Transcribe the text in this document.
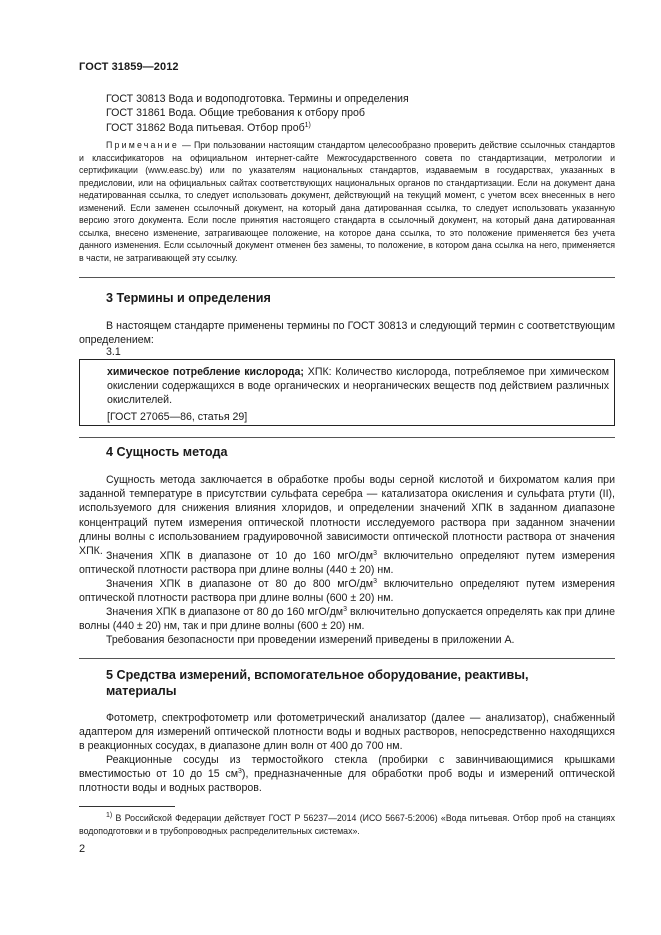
ГОСТ 31859—2012
ГОСТ 30813 Вода и водоподготовка. Термины и определения
ГОСТ 31861 Вода. Общие требования к отбору проб
ГОСТ 31862 Вода питьевая. Отбор проб$^{1)}$
Примечание — При пользовании настоящим стандартом целесообразно проверить действие ссылочных стандартов и классификаторов на официальном интернет-сайте Межгосударственного совета по стандартизации, метрологии и сертификации (www.easc.by) или по указателям национальных стандартов, издаваемым в государствах, указанных в предисловии, или на официальных сайтах соответствующих национальных органов по стандартизации. Если на документ дана недатированная ссылка, то следует использовать документ, действующий на текущий момент, с учетом всех внесенных в него изменений. Если заменен ссылочный документ, на который дана датированная ссылка, то следует использовать указанную версию этого документа. Если после принятия настоящего стандарта в ссылочный документ, на который дана датированная ссылка, внесено изменение, затрагивающее положение, на которое дана ссылка, то это положение применяется без учета данного изменения. Если ссылочный документ отменен без замены, то положение, в котором дана ссылка на него, применяется в части, не затрагивающей эту ссылку.
3 Термины и определения
В настоящем стандарте применены термины по ГОСТ 30813 и следующий термин с соответствующим определением:
3.1
химическое потребление кислорода; ХПК: Количество кислорода, потребляемое при химическом окислении содержащихся в воде органических и неорганических веществ под действием различных окислителей.
[ГОСТ 27065—86, статья 29]
4 Сущность метода
Сущность метода заключается в обработке пробы воды серной кислотой и бихроматом калия при заданной температуре в присутствии сульфата серебра — катализатора окисления и сульфата ртути (II), используемого для снижения влияния хлоридов, и определении значений ХПК в заданном диапазоне концентраций путем измерения оптической плотности исследуемого раствора при заданном значении длины волны с использованием градуировочной зависимости оптической плотности раствора от значения ХПК. Значения ХПК в диапазоне от 10 до 160 мгО/$дм^3$ включительно определяют путем измерения оптической плотности раствора при длине волны (440 ± 20) нм.
Значения ХПК в диапазоне от 80 до 800 мгО/$дм^3$ включительно определяют путем измерения оптической плотности раствора при длине волны (600 ± 20) нм.
Значения ХПК в диапазоне от 80 до 160 мгО/$дм^3$ включительно допускается определять как при длине волны (440 ± 20) нм, так и при длине волны (600 ± 20) нм.
Требования безопасности при проведении измерений приведены в приложении А.
5 Средства измерений, вспомогательное оборудование, реактивы,
материалы
Фотометр, спектрофотометр или фотометрический анализатор (далее — анализатор), снабженный адаптером для измерений оптической плотности воды и водных растворов, непосредственно находящихся в реакционных сосудах, в диапазоне длин волн от 400 до 700 нм.
Реакционные сосуды из термостойкого стекла (пробирки с завинчивающимися крышками вместимостью от 10 до 15 $см^3$), предназначенные для обработки проб воды и измерений оптической плотности воды и водных растворов.
$^{1)}$ В Российской Федерации действует ГОСТ Р 56237—2014 (ИСО 5667-5:2006) «Вода питьевая. Отбор проб на станциях водоподготовки и в трубопроводных распределительных системах».
2
